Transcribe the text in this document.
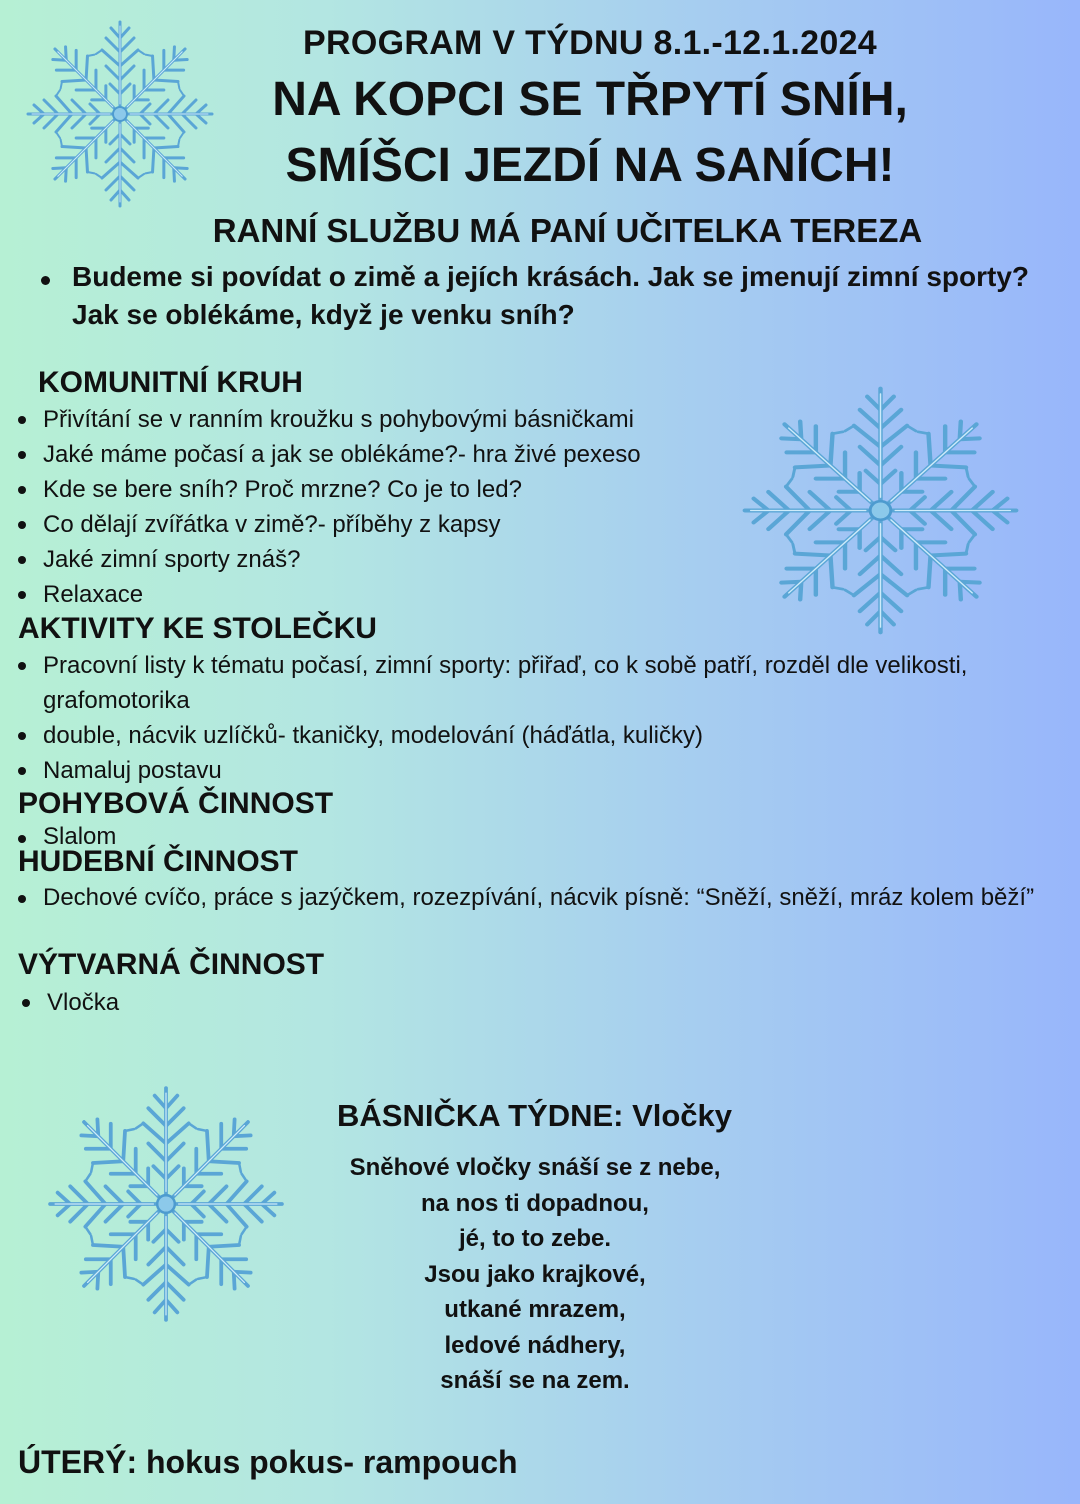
PROGRAM V TÝDNU 8.1.-12.1.2024
NA KOPCI SE TŘPYTÍ SNÍH,
SMÍŠCI JEZDÍ NA SANÍCH!
RANNÍ SLUŽBU MÁ PANÍ UČITELKA TEREZA
Budeme si povídat o zimě a jejích krásách. Jak se jmenují zimní sporty? Jak se oblékáme, když je venku sníh?
KOMUNITNÍ KRUH
Přivítání se v ranním kroužku s pohybovými básničkami
Jaké máme počasí a jak se oblékáme?- hra živé pexeso
Kde se bere sníh? Proč mrzne? Co je to led?
Co dělají zvířátka v zimě?- příběhy z kapsy
Jaké zimní sporty znáš?
Relaxace
AKTIVITY KE STOLEČKU
Pracovní listy k tématu počasí, zimní sporty: přiřaď, co k sobě patří, rozděl dle velikosti, grafomotorika
double, nácvik uzlíčků- tkaničky, modelování (háďátla, kuličky)
Namaluj postavu
POHYBOVÁ ČINNOST
Slalom
HUDEBNÍ ČINNOST
Dechové cvíčo, práce s jazýčkem, rozezpívání, nácvik písně: “Sněží, sněží, mráz kolem běží”
VÝTVARNÁ ČINNOST
Vločka
BÁSNIČKA TÝDNE: Vločky
Sněhové vločky snáší se z nebe,
na nos ti dopadnou,
jé, to to zebe.
Jsou jako krajkové,
utkané mrazem,
ledové nádhery,
snáší se na zem.
ÚTERÝ: hokus pokus- rampouch
